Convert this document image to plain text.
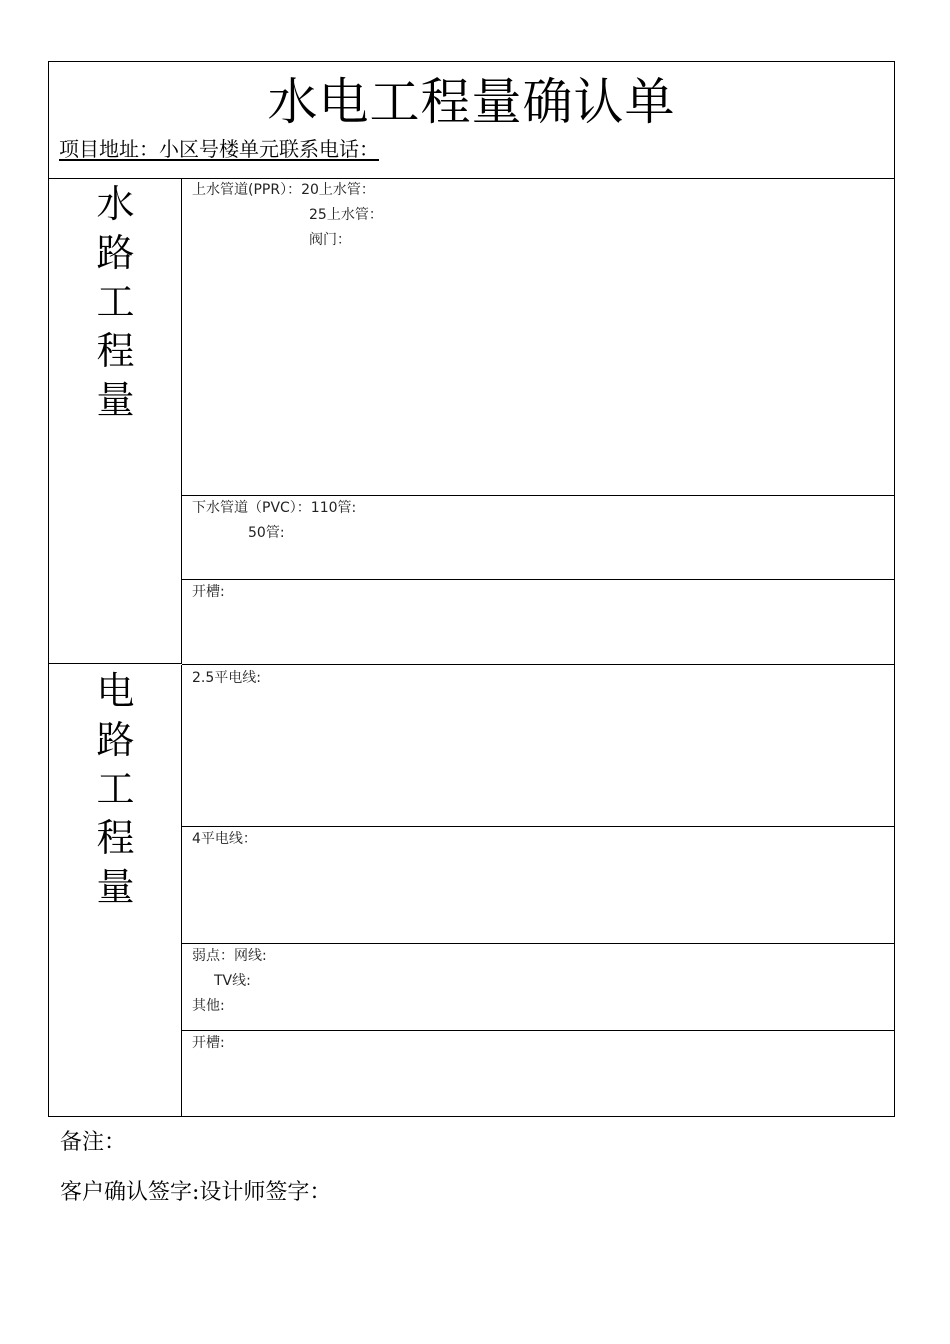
水电工程量确认单
项目地址：小区号楼单元联系电话：
水
路
工
程
量
电
路
工
程
量
上水管道(PPR）：20上水管：
25上水管：
阀门：
下水管道（PVC）：110管:
50管:
开槽:
2.5平电线:
4平电线：
弱点：网线:
TV线:
其他:
开槽:
备注：
客户确认签字:设计师签字：
